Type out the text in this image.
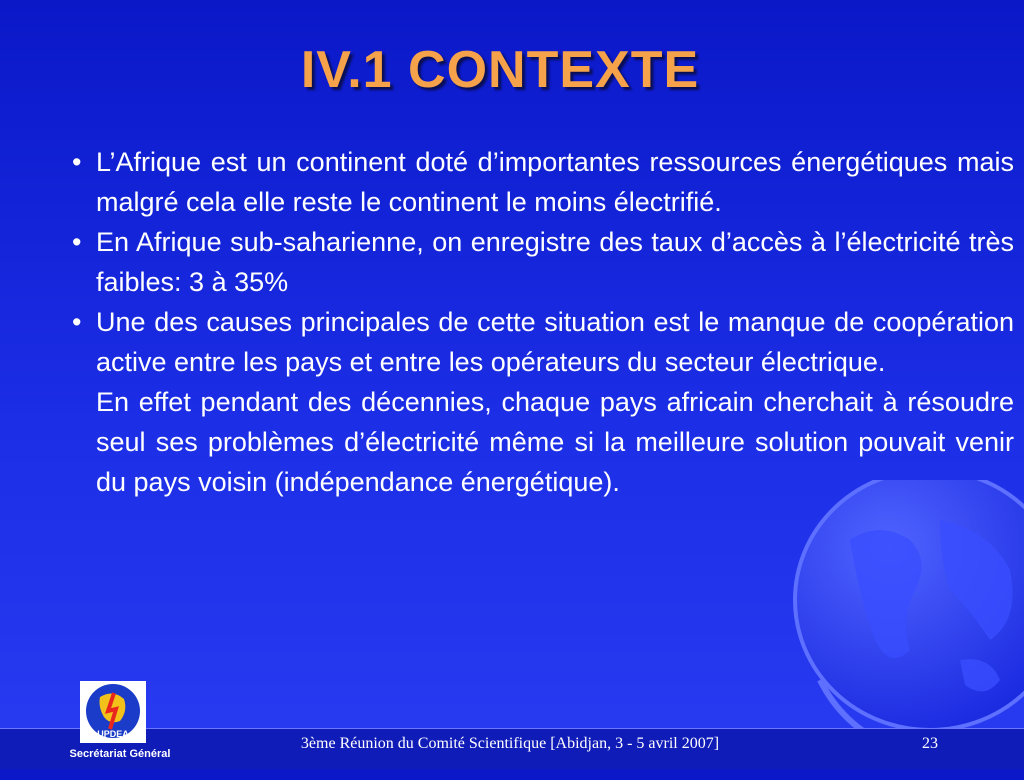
IV.1 CONTEXTE
• L’Afrique est un continent doté d’importantes ressources énergétiques mais malgré cela elle reste le continent le moins électrifié.
• En Afrique sub-saharienne, on enregistre des taux d’accès à l’électricité très faibles: 3 à 35%
• Une des causes principales de cette situation est le manque de coopération active entre les pays et entre les opérateurs du secteur électrique.
En effet pendant des décennies, chaque pays africain cherchait à résoudre seul ses problèmes d’électricité même si la meilleure solution pouvait venir du pays voisin (indépendance énergétique).
UPDEA
Secrétariat Général
3ème Réunion du Comité Scientifique [Abidjan, 3 - 5 avril 2007]	23
